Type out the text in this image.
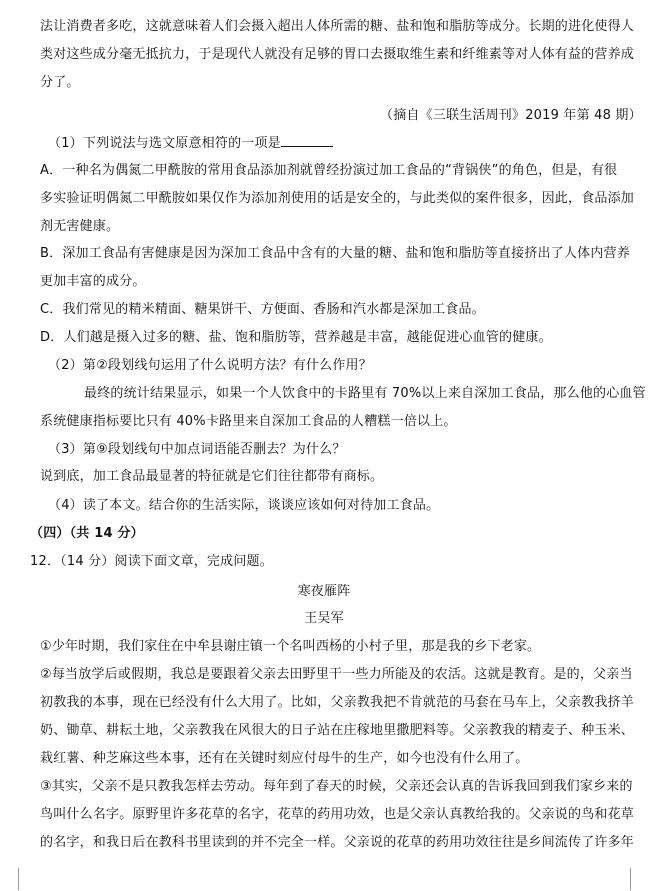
法让消费者多吃，这就意味着人们会摄入超出人体所需的糖、盐和饱和脂肪等成分。长期的进化使得人
类对这些成分毫无抵抗力，于是现代人就没有足够的胃口去摄取维生素和纤维素等对人体有益的营养成
分了。
（摘自《三联生活周刊》2019 年第 48 期）
（1）下列说法与选文原意相符的一项是
A．一种名为偶氮二甲酰胺的常用食品添加剂就曾经扮演过加工食品的“背锅侠”的角色，但是，有很
多实验证明偶氮二甲酰胺如果仅作为添加剂使用的话是安全的，与此类似的案件很多，因此，食品添加
剂无害健康。
B．深加工食品有害健康是因为深加工食品中含有的大量的糖、盐和饱和脂肪等直接挤出了人体内营养
更加丰富的成分。
C．我们常见的精米精面、糖果饼干、方便面、香肠和汽水都是深加工食品。
D．人们越是摄入过多的糖、盐、饱和脂肪等，营养越是丰富，越能促进心血管的健康。
（2）第②段划线句运用了什么说明方法？有什么作用？
最终的统计结果显示，如果一个人饮食中的卡路里有 70%以上来自深加工食品，那么他的心血管
系统健康指标要比只有 40%卡路里来自深加工食品的人糟糕一倍以上。
（3）第⑨段划线句中加点词语能否删去？为什么？
说到底，加工食品最显著的特征就是它们往往都带有商标。
（4）读了本文。结合你的生活实际，谈谈应该如何对待加工食品。
（四）（共 14 分）
12．（14 分）阅读下面文章，完成问题。
寒夜雁阵
王吴军
①少年时期，我们家住在中牟县谢庄镇一个名叫西杨的小村子里，那是我的乡下老家。
②每当放学后或假期，我总是要跟着父亲去田野里干一些力所能及的农活。这就是教育。是的，父亲当
初教我的本事，现在已经没有什么大用了。比如，父亲教我把不肯就范的马套在马车上，父亲教我挤羊
奶、锄草、耕耘土地，父亲教我在风很大的日子站在庄稼地里撒肥料等。父亲教我的精麦子、种玉米、
栽红薯、种芝麻这些本事，还有在关键时刻应付母牛的生产，如今也没有什么用了。
③其实，父亲不是只教我怎样去劳动。每年到了春天的时候，父亲还会认真的告诉我回到我们家乡来的
鸟叫什么名字。原野里许多花草的名字，花草的药用功效，也是父亲认真教给我的。父亲说的鸟和花草
的名字，和我日后在教科书里读到的并不完全一样。父亲说的花草的药用功效往往是乡间流传了许多年
